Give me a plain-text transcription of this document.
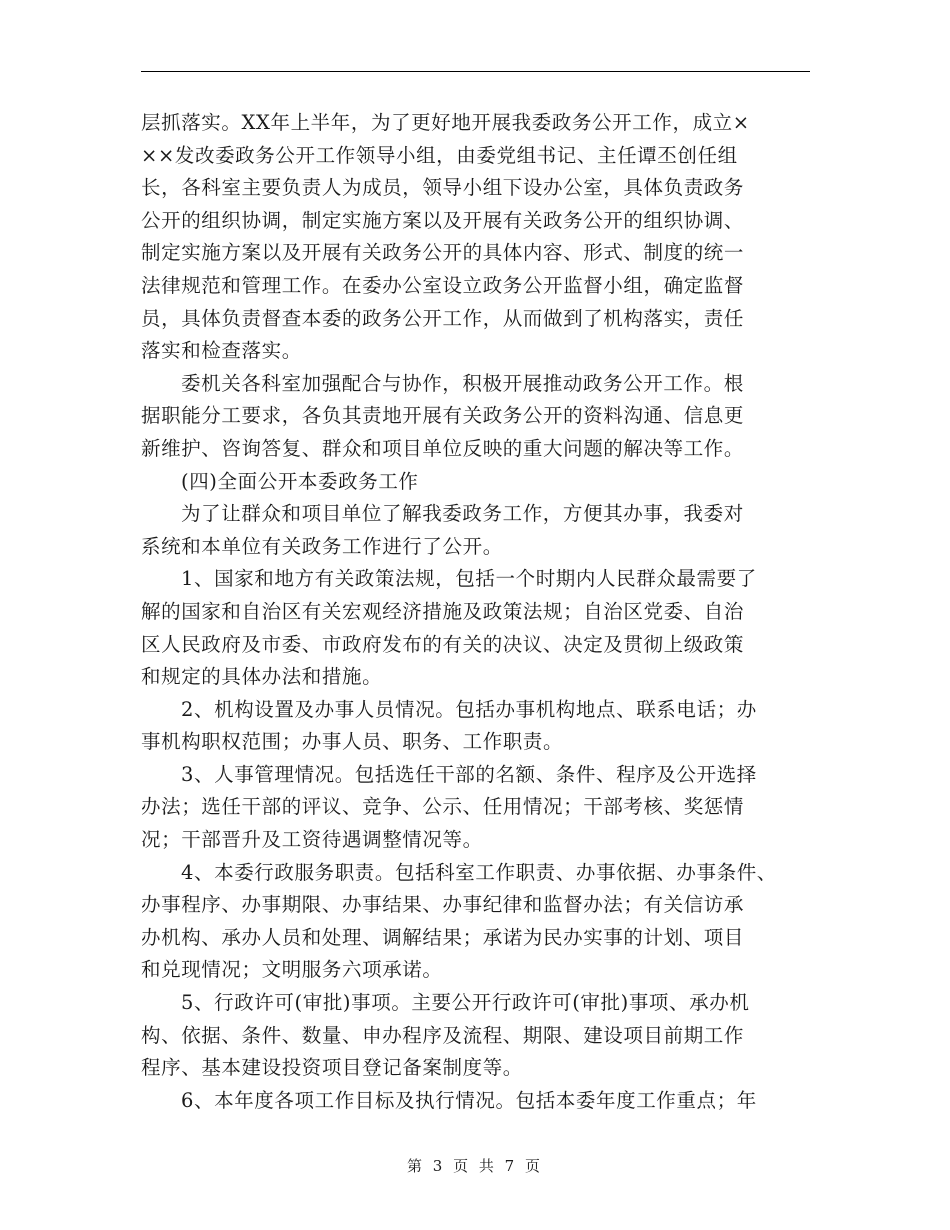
层抓落实。XX年上半年，为了更好地开展我委政务公开工作，成立×

××发改委政务公开工作领导小组，由委党组书记、主任谭丕创任组

长，各科室主要负责人为成员，领导小组下设办公室，具体负责政务

公开的组织协调，制定实施方案以及开展有关政务公开的组织协调、

制定实施方案以及开展有关政务公开的具体内容、形式、制度的统一

法律规范和管理工作。在委办公室设立政务公开监督小组，确定监督

员，具体负责督查本委的政务公开工作，从而做到了机构落实，责任

落实和检查落实。

委机关各科室加强配合与协作，积极开展推动政务公开工作。根

据职能分工要求，各负其责地开展有关政务公开的资料沟通、信息更

新维护、咨询答复、群众和项目单位反映的重大问题的解决等工作。

(四)全面公开本委政务工作

为了让群众和项目单位了解我委政务工作，方便其办事，我委对

系统和本单位有关政务工作进行了公开。

1、国家和地方有关政策法规，包括一个时期内人民群众最需要了

解的国家和自治区有关宏观经济措施及政策法规；自治区党委、自治

区人民政府及市委、市政府发布的有关的决议、决定及贯彻上级政策

和规定的具体办法和措施。

2、机构设置及办事人员情况。包括办事机构地点、联系电话；办

事机构职权范围；办事人员、职务、工作职责。

3、人事管理情况。包括选任干部的名额、条件、程序及公开选择

办法；选任干部的评议、竞争、公示、任用情况；干部考核、奖惩情

况；干部晋升及工资待遇调整情况等。

4、本委行政服务职责。包括科室工作职责、办事依据、办事条件、

办事程序、办事期限、办事结果、办事纪律和监督办法；有关信访承

办机构、承办人员和处理、调解结果；承诺为民办实事的计划、项目

和兑现情况；文明服务六项承诺。

5、行政许可(审批)事项。主要公开行政许可(审批)事项、承办机

构、依据、条件、数量、申办程序及流程、期限、建设项目前期工作

程序、基本建设投资项目登记备案制度等。

6、本年度各项工作目标及执行情况。包括本委年度工作重点；年

第 3 页 共 7 页
